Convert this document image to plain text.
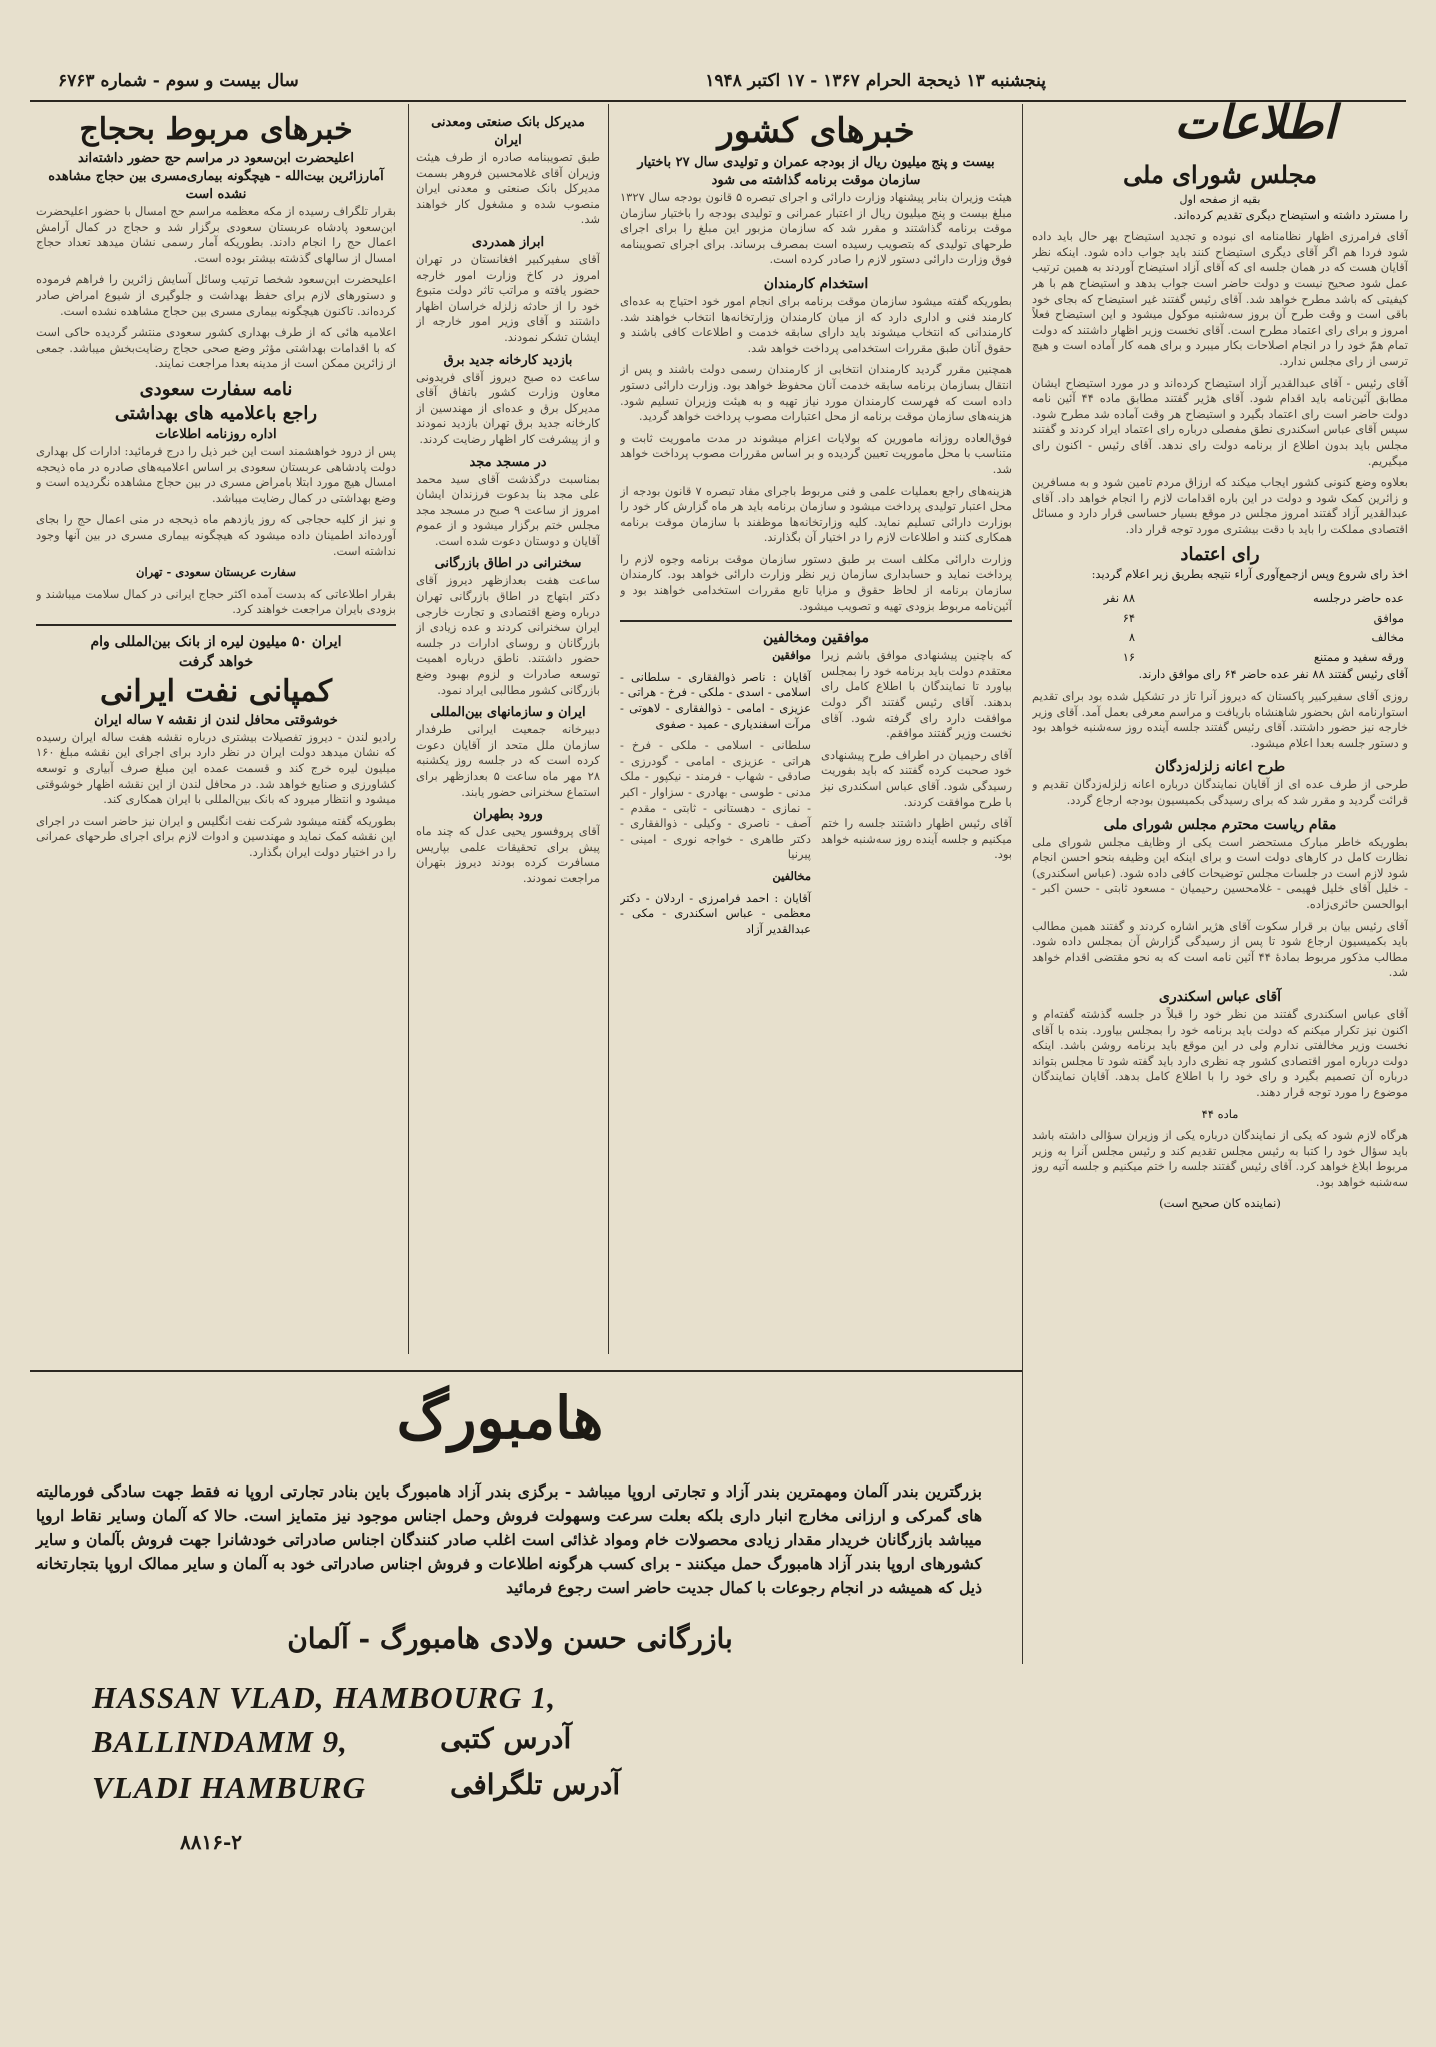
پنجشنبه ۱۳ ذیحجة الحرام ۱۳۶۷ - ۱۷ اکتبر ۱۹۴۸
سال بیست و سوم - شماره ۶۷۶۳
اطلاعات
مجلس شورای ملی
بقیه از صفحه اول

را مسترد داشته و استیضاح دیگری تقدیم کرده‌اند.

آقای فرامرزی اظهار نظامنامه ای نبوده و تجدید استیضاح بهر حال باید داده شود فردا هم اگر آقای دیگری استیضاح کنند باید جواب داده شود. اینکه نظر آقایان هست که در همان جلسه ای که آقای آزاد استیضاح آوردند به همین ترتیب عمل شود صحیح نیست و دولت حاضر است جواب بدهد و استیضاح هم با هر کیفیتی که باشد مطرح خواهد شد. آقای رئیس گفتند غیر استیضاح که بجای خود باقی است و وقت طرح آن بروز سه‌شنبه موکول میشود و این استیضاح فعلاً امروز و برای رای اعتماد مطرح است. آقای نخست وزیر اظهار داشتند که دولت تمام همّ خود را در انجام اصلاحات بکار میبرد و برای همه کار آماده است و هیچ ترسی از رای مجلس ندارد.

آقای رئیس - آقای عبدالقدیر آزاد استیضاح کرده‌اند و در مورد استیضاح ایشان مطابق آئین‌نامه باید اقدام شود. آقای هژیر گفتند مطابق ماده ۴۴ آئین نامه دولت حاضر است رای اعتماد بگیرد و استیضاح هر وقت آماده شد مطرح شود. سپس آقای عباس اسکندری نطق مفصلی درباره رای اعتماد ایراد کردند و گفتند مجلس باید بدون اطلاع از برنامه دولت رای ندهد. آقای رئیس - اکنون رای میگیریم.

بعلاوه وضع کنونی کشور ایجاب میکند که ارزاق مردم تامین شود و به مسافرین و زائرین کمک شود و دولت در این باره اقدامات لازم را انجام خواهد داد. آقای عبدالقدیر آزاد گفتند امروز مجلس در موقع بسیار حساسی قرار دارد و مسائل اقتصادی مملکت را باید با دقت بیشتری مورد توجه قرار داد.

رای اعتماد

اخذ رای شروع وپس ازجمع‌آوری آراء نتیجه بطریق زیر اعلام گردید:

عده حاضر درجلسه	۸۸ نفر
موافق	۶۴
مخالف	۸
ورقه سفید و ممتنع	۱۶

آقای رئیس گفتند ۸۸ نفر عده حاضر ۶۴ رای موافق دارند.

روزی آقای سفیرکبیر پاکستان که دیروز آنرا تاز در تشکیل شده بود برای تقدیم استوارنامه اش بحضور شاهنشاه باریافت و مراسم معرفی بعمل آمد. آقای وزیر خارجه نیز حضور داشتند. آقای رئیس گفتند جلسه آینده روز سه‌شنبه خواهد بود و دستور جلسه بعدا اعلام میشود.

طرح اعانه زلزله‌زدگان

طرحی از طرف عده ای از آقایان نمایندگان درباره اعانه زلزله‌زدگان تقدیم و قرائت گردید و مقرر شد که برای رسیدگی بکمیسیون بودجه ارجاع گردد.

مقام ریاست محترم مجلس شورای ملی

بطوریکه خاطر مبارک مستحضر است یکی از وظایف مجلس شورای ملی نظارت کامل در کارهای دولت است و برای اینکه این وظیفه بنحو احسن انجام شود لازم است در جلسات مجلس توضیحات کافی داده شود. (عباس اسکندری) - خلیل آقای خلیل فهیمی - غلامحسین رحیمیان - مسعود ثابتی - حسن اکبر - ابوالحسن حائری‌زاده.

آقای رئیس بیان بر قرار سکوت آقای هژیر اشاره کردند و گفتند همین مطالب باید بکمیسیون ارجاع شود تا پس از رسیدگی گزارش آن بمجلس داده شود. مطالب مذکور مربوط بمادۀ ۴۴ آئین نامه است که به نحو مقتضی اقدام خواهد شد.

آقای عباس اسکندری

آقای عباس اسکندری گفتند من نظر خود را قبلاً در جلسه گذشته گفته‌ام و اکنون نیز تکرار میکنم که دولت باید برنامه خود را بمجلس بیاورد. بنده با آقای نخست وزیر مخالفتی ندارم ولی در این موقع باید برنامه روشن باشد. اینکه دولت درباره امور اقتصادی کشور چه نظری دارد باید گفته شود تا مجلس بتواند درباره آن تصمیم بگیرد و رای خود را با اطلاع کامل بدهد. آقایان نمایندگان موضوع را مورد توجه قرار دهند.

ماده ۴۴

هرگاه لازم شود که یکی از نمایندگان درباره یکی از وزیران سؤالی داشته باشد باید سؤال خود را کتبا به رئیس مجلس تقدیم کند و رئیس مجلس آنرا به وزیر مربوط ابلاغ خواهد کرد. آقای رئیس گفتند جلسه را ختم میکنیم و جلسه آتیه روز سه‌شنبه خواهد بود.

(نماینده کان صحیح است)

خبرهای کشور
بیست و پنج میلیون ریال از بودجه عمران و تولیدی سال ۲۷ باختیار سازمان موقت برنامه گذاشته می شود

هیئت وزیران بنابر پیشنهاد وزارت دارائی و اجرای تبصره ۵ قانون بودجه سال ۱۳۲۷ مبلغ بیست و پنج میلیون ریال از اعتبار عمرانی و تولیدی بودجه را باختیار سازمان موقت برنامه گذاشتند و مقرر شد که سازمان مزبور این مبلغ را برای اجرای طرحهای تولیدی که بتصویب رسیده است بمصرف برساند. برای اجرای تصویبنامه فوق وزارت دارائی دستور لازم را صادر کرده است.

استخدام کارمندان

بطوریکه گفته میشود سازمان موقت برنامه برای انجام امور خود احتیاج به عده‌ای کارمند فنی و اداری دارد که از میان کارمندان وزارتخانه‌ها انتخاب خواهند شد. کارمندانی که انتخاب میشوند باید دارای سابقه خدمت و اطلاعات کافی باشند و حقوق آنان طبق مقررات استخدامی پرداخت خواهد شد.

همچنین مقرر گردید کارمندان انتخابی از کارمندان رسمی دولت باشند و پس از انتقال بسازمان برنامه سابقه خدمت آنان محفوظ خواهد بود. وزارت دارائی دستور داده است که فهرست کارمندان مورد نیاز تهیه و به هیئت وزیران تسلیم شود. هزینه‌های سازمان موقت برنامه از محل اعتبارات مصوب پرداخت خواهد گردید.

فوق‌العاده روزانه مامورین که بولایات اعزام میشوند در مدت ماموریت ثابت و متناسب با محل ماموریت تعیین گردیده و بر اساس مقررات مصوب پرداخت خواهد شد.

هزینه‌های راجع بعملیات علمی و فنی مربوط باجرای مفاد تبصره ۷ قانون بودجه از محل اعتبار تولیدی پرداخت میشود و سازمان برنامه باید هر ماه گزارش کار خود را بوزارت دارائی تسلیم نماید. کلیه وزارتخانه‌ها موظفند با سازمان موقت برنامه همکاری کنند و اطلاعات لازم را در اختیار آن بگذارند.

وزارت دارائی مکلف است بر طبق دستور سازمان موقت برنامه وجوه لازم را پرداخت نماید و حسابداری سازمان زیر نظر وزارت دارائی خواهد بود. کارمندان سازمان برنامه از لحاظ حقوق و مزایا تابع مقررات استخدامی خواهند بود و آئین‌نامه مربوط بزودی تهیه و تصویب میشود.

موافقین ومخالفین

که باچنین پیشنهادی موافق باشم زیرا معتقدم دولت باید برنامه خود را بمجلس بیاورد تا نمایندگان با اطلاع کامل رای بدهند. آقای رئیس گفتند اگر دولت موافقت دارد رای گرفته شود. آقای نخست وزیر گفتند موافقم.

آقای رحیمیان در اطراف طرح پیشنهادی خود صحبت کرده گفتند که باید بفوریت رسیدگی شود. آقای عباس اسکندری نیز با طرح موافقت کردند.

آقای رئیس اظهار داشتند جلسه را ختم میکنیم و جلسه آینده روز سه‌شنبه خواهد بود.

موافقین

آقایان : ناصر ذوالفقاری - سلطانی - اسلامی - اسدی - ملکی - فرخ - هراتی - عزیزی - امامی - ذوالفقاری - لاهوتی - مرآت اسفندیاری - عمید - صفوی

سلطانی - اسلامی - ملکی - فرخ - هراتی - عزیزی - امامی - گودرزی - صادقی - شهاب - فرمند - نیکپور - ملک مدنی - طوسی - بهادری - سزاوار - اکبر - نمازی - دهستانی - ثابتی - مقدم - آصف - ناصری - وکیلی - ذوالفقاری - دکتر طاهری - خواجه نوری - امینی - پیرنیا

مخالفین

آقایان : احمد فرامرزی - اردلان - دکتر معظمی - عباس اسکندری - مکی - عبدالقدیر آزاد

مدیرکل بانک صنعتی ومعدنی ایران

طبق تصویبنامه صادره از طرف هیئت وزیران آقای غلامحسین فروهر بسمت مدیرکل بانک صنعتی و معدنی ایران منصوب شده و مشغول کار خواهند شد.

ابراز همدردی

آقای سفیرکبیر افغانستان در تهران امروز در کاخ وزارت امور خارجه حضور یافته و مراتب تاثر دولت متبوع خود را از حادثه زلزله خراسان اظهار داشتند و آقای وزیر امور خارجه از ایشان تشکر نمودند.

بازدید کارخانه جدید برق

ساعت ده صبح دیروز آقای فریدونی معاون وزارت کشور باتفاق آقای مدیرکل برق و عده‌ای از مهندسین از کارخانه جدید برق تهران بازدید نمودند و از پیشرفت کار اظهار رضایت کردند.

در مسجد مجد

بمناسبت درگذشت آقای سید محمد علی مجد بنا بدعوت فرزندان ایشان امروز از ساعت ۹ صبح در مسجد مجد مجلس ختم برگزار میشود و از عموم آقایان و دوستان دعوت شده است.

سخنرانی در اطاق بازرگانی

ساعت هفت بعدازظهر دیروز آقای دکتر ابتهاج در اطاق بازرگانی تهران درباره وضع اقتصادی و تجارت خارجی ایران سخنرانی کردند و عده زیادی از بازرگانان و روسای ادارات در جلسه حضور داشتند. ناطق درباره اهمیت توسعه صادرات و لزوم بهبود وضع بازرگانی کشور مطالبی ایراد نمود.

ایران و سازمانهای بین‌المللی

دبیرخانه جمعیت ایرانی طرفدار سازمان ملل متحد از آقایان دعوت کرده است که در جلسه روز یکشنبه ۲۸ مهر ماه ساعت ۵ بعدازظهر برای استماع سخنرانی حضور یابند.

ورود بطهران

آقای پروفسور یحیی عدل که چند ماه پیش برای تحقیقات علمی بپاریس مسافرت کرده بودند دیروز بتهران مراجعت نمودند.

خبرهای مربوط بحجاج
اعلیحضرت ابن‌سعود در مراسم حج حضور داشته‌اند
آمارزائرین بیت‌الله - هیچگونه بیماری‌مسری بین حجاج مشاهده نشده است

بقرار تلگراف رسیده از مکه معظمه مراسم حج امسال با حضور اعلیحضرت ابن‌سعود پادشاه عربستان سعودی برگزار شد و حجاج در کمال آرامش اعمال حج را انجام دادند. بطوریکه آمار رسمی نشان میدهد تعداد حجاج امسال از سالهای گذشته بیشتر بوده است.

اعلیحضرت ابن‌سعود شخصا ترتیب وسائل آسایش زائرین را فراهم فرموده و دستورهای لازم برای حفظ بهداشت و جلوگیری از شیوع امراض صادر کرده‌اند. تاکنون هیچگونه بیماری مسری بین حجاج مشاهده نشده است.

اعلامیه هائی که از طرف بهداری کشور سعودی منتشر گردیده حاکی است که با اقدامات بهداشتی مؤثر وضع صحی حجاج رضایت‌بخش میباشد. جمعی از زائرین ممکن است از مدینه بعدا مراجعت نمایند.

نامه سفارت سعودی
راجع باعلامیه های بهداشتی
اداره روزنامه اطلاعات

پس از درود خواهشمند است این خبر ذیل را درج فرمائید: ادارات کل بهداری دولت پادشاهی عربستان سعودی بر اساس اعلامیه‌های صادره در ماه ذیحجه امسال هیچ مورد ابتلا بامراض مسری در بین حجاج مشاهده نگردیده است و وضع بهداشتی در کمال رضایت میباشد.

و نیز از کلیه حجاجی که روز یازدهم ماه ذیحجه در منی اعمال حج را بجای آورده‌اند اطمینان داده میشود که هیچگونه بیماری مسری در بین آنها وجود نداشته است.

سفارت عربستان سعودی - تهران

بقرار اطلاعاتی که بدست آمده اکثر حجاج ایرانی در کمال سلامت میباشند و بزودی بایران مراجعت خواهند کرد.

ایران ۵۰ میلیون لیره از بانک بین‌المللی وام
خواهد گرفت
کمپانی نفت ایرانی
خوشوقتی محافل لندن از نقشه ۷ ساله ایران

رادیو لندن - دیروز تفصیلات بیشتری درباره نقشه هفت ساله ایران رسیده که نشان میدهد دولت ایران در نظر دارد برای اجرای این نقشه مبلغ ۱۶۰ میلیون لیره خرج کند و قسمت عمده این مبلغ صرف آبیاری و توسعه کشاورزی و صنایع خواهد شد. در محافل لندن از این نقشه اظهار خوشوقتی میشود و انتظار میرود که بانک بین‌المللی با ایران همکاری کند.

بطوریکه گفته میشود شرکت نفت انگلیس و ایران نیز حاضر است در اجرای این نقشه کمک نماید و مهندسین و ادوات لازم برای اجرای طرحهای عمرانی را در اختیار دولت ایران بگذارد.

هامبورگ
بزرگترین بندر آلمان ومهمترین بندر آزاد و تجارتی اروپا میباشد - برگزی بندر آزاد هامبورگ باین بنادر تجارتی اروپا نه فقط جهت سادگی فورمالیته های گمرکی و ارزانی مخارج انبار داری بلکه بعلت سرعت وسهولت فروش وحمل اجناس موجود نیز متمایز است. حالا که آلمان وسایر نقاط اروپا میباشد بازرگانان خریدار مقدار زیادی محصولات خام ومواد غذائی است اغلب صادر کنندگان اجناس صادراتی خودشانرا جهت فروش بآلمان و سایر کشورهای اروپا بندر آزاد هامبورگ حمل میکنند - برای کسب هرگونه اطلاعات و فروش اجناس صادراتی خود به آلمان و سایر ممالک اروپا بتجارتخانه ذیل که همیشه در انجام رجوعات با کمال جدیت حاضر است رجوع فرمائید
بازرگانی حسن ولادی هامبورگ - آلمان
HASSAN VLAD, HAMBOURG 1,
BALLINDAMM 9,	آدرس کتبی
VLADI HAMBURG	آدرس تلگرافی
۸۸۱۶-۲
